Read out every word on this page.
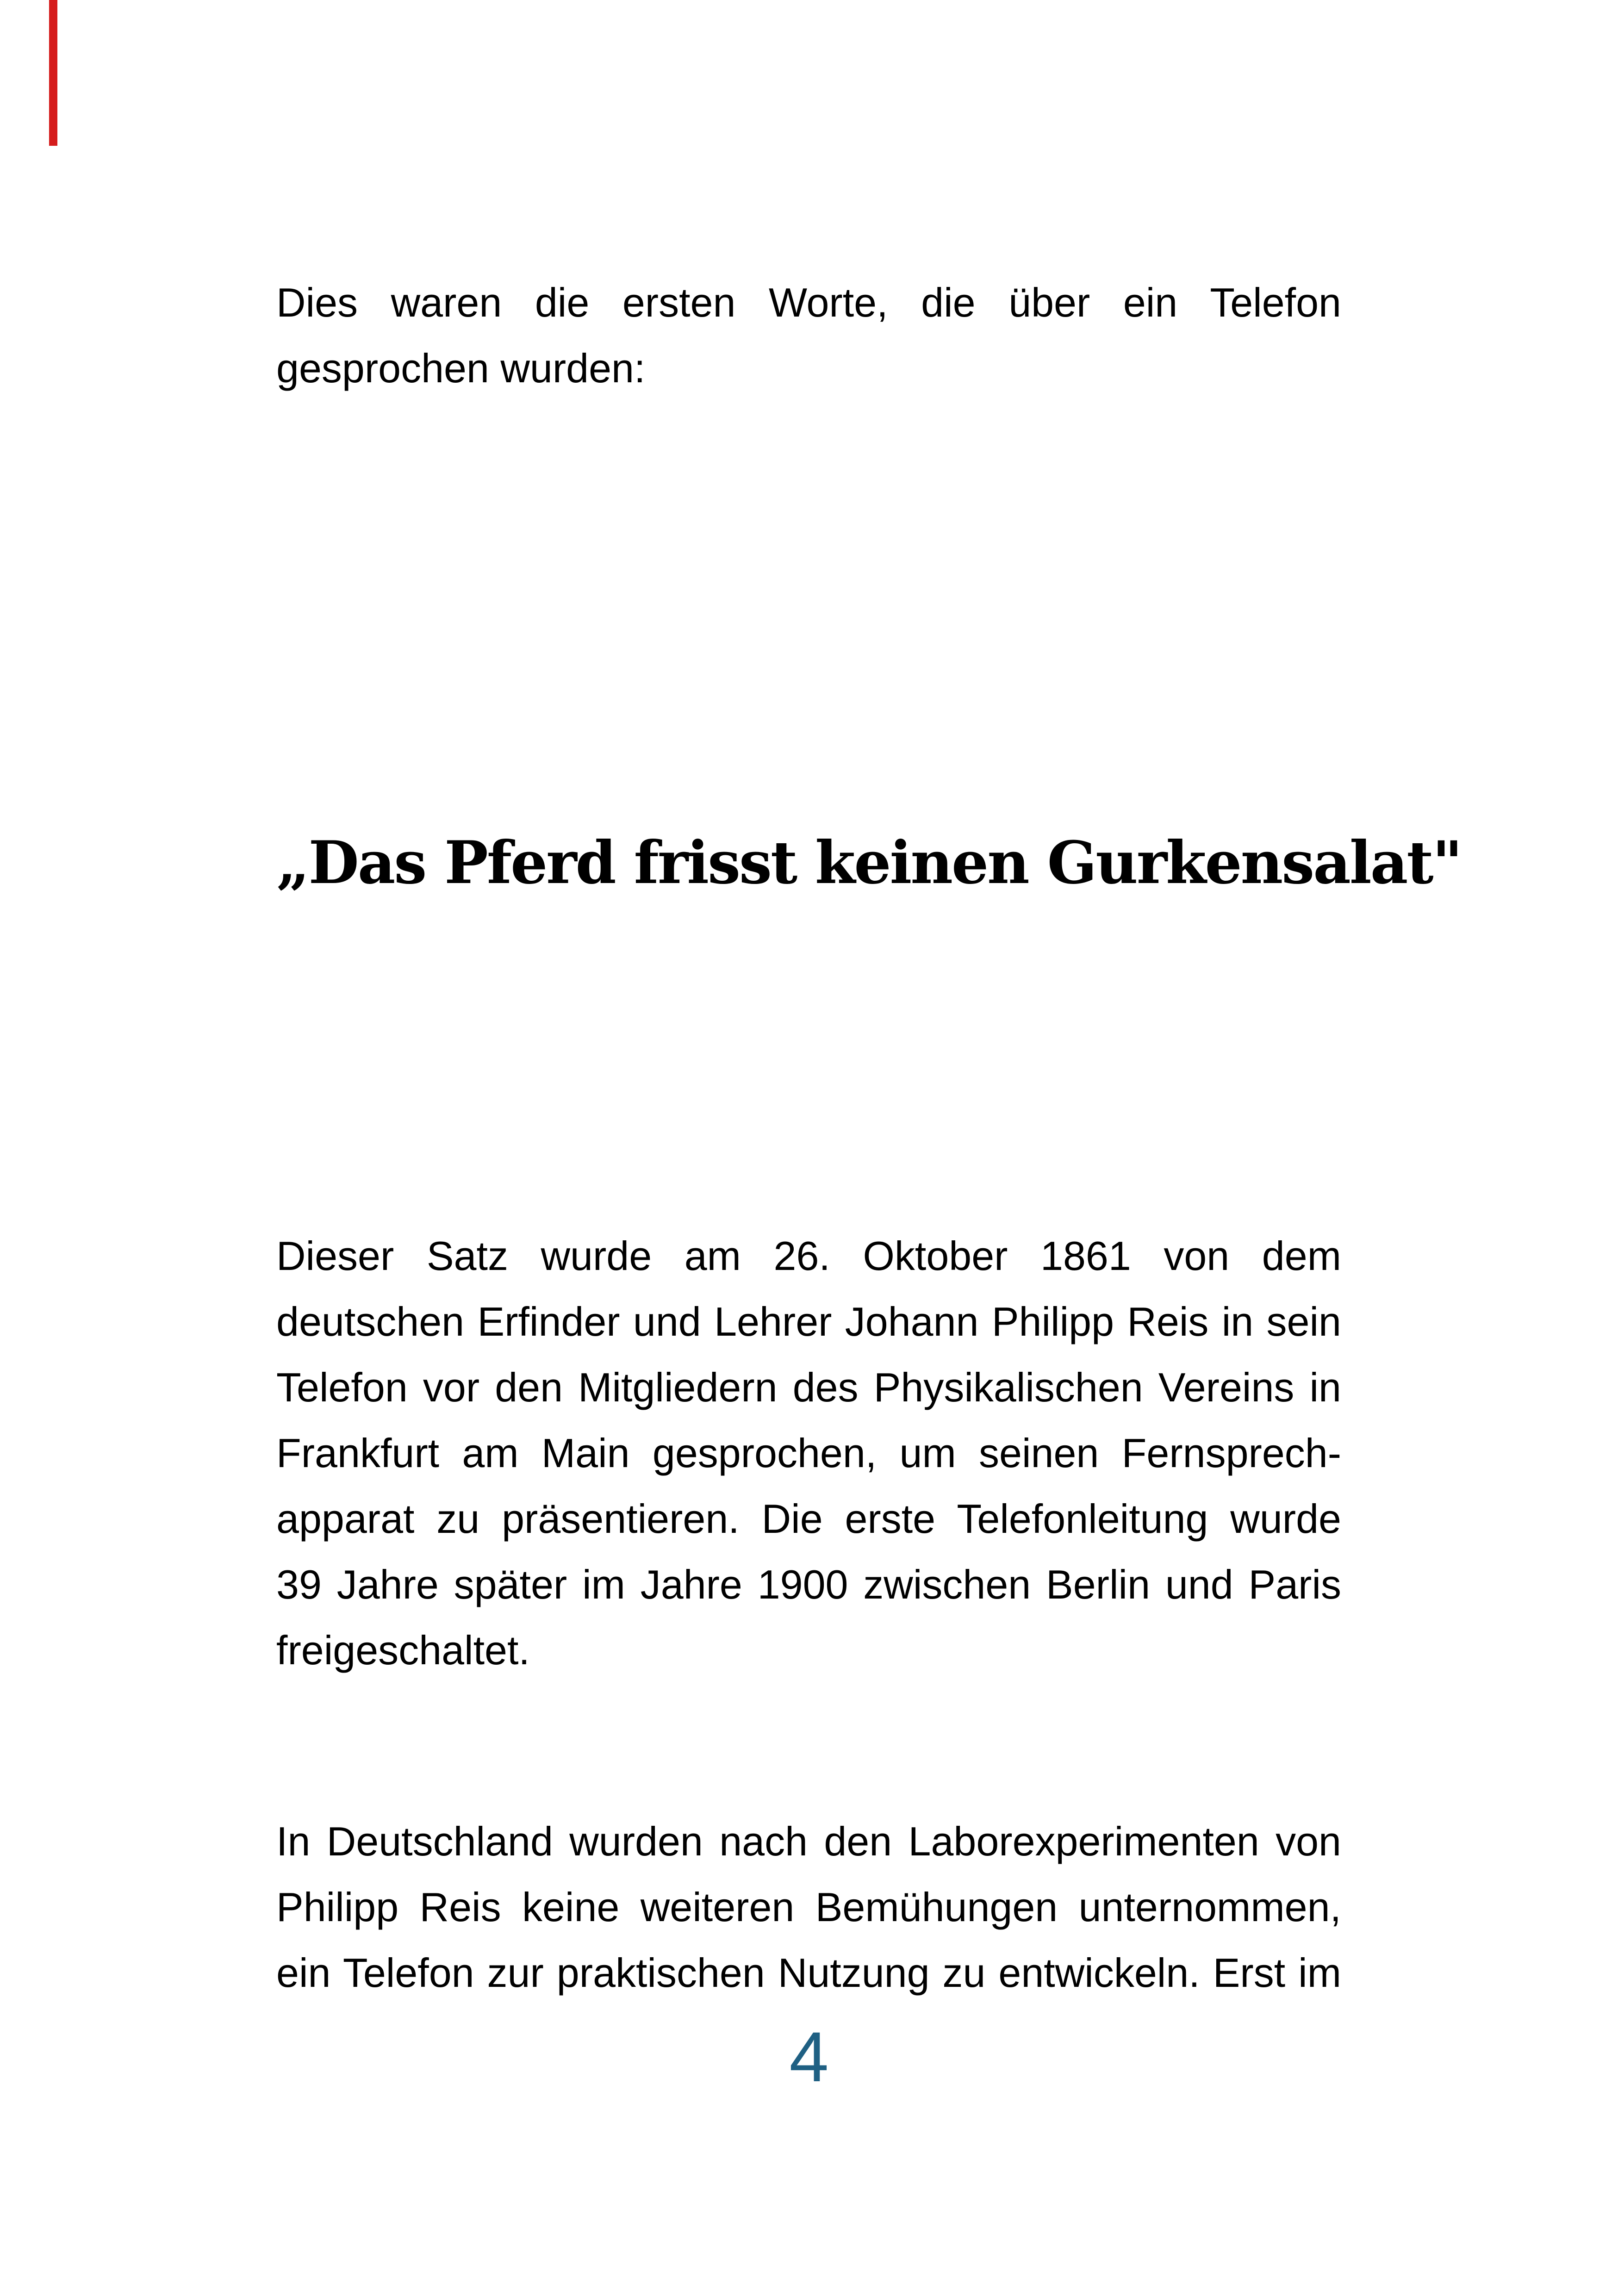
Dies waren die ersten Worte, die über ein Telefon

gesprochen wurden:

„Das Pferd frisst keinen Gurkensalat"

Dieser Satz wurde am 26. Oktober 1861 von dem

deutschen Erfinder und Lehrer Johann Philipp Reis in sein

Telefon vor den Mitgliedern des Physikalischen Vereins in

Frankfurt am Main gesprochen, um seinen Fernsprech-

apparat zu präsentieren. Die erste Telefonleitung wurde

39 Jahre später im Jahre 1900 zwischen Berlin und Paris

freigeschaltet.

In Deutschland wurden nach den Laborexperimenten von

Philipp Reis keine weiteren Bemühungen unternommen,

ein Telefon zur praktischen Nutzung zu entwickeln. Erst im

4
